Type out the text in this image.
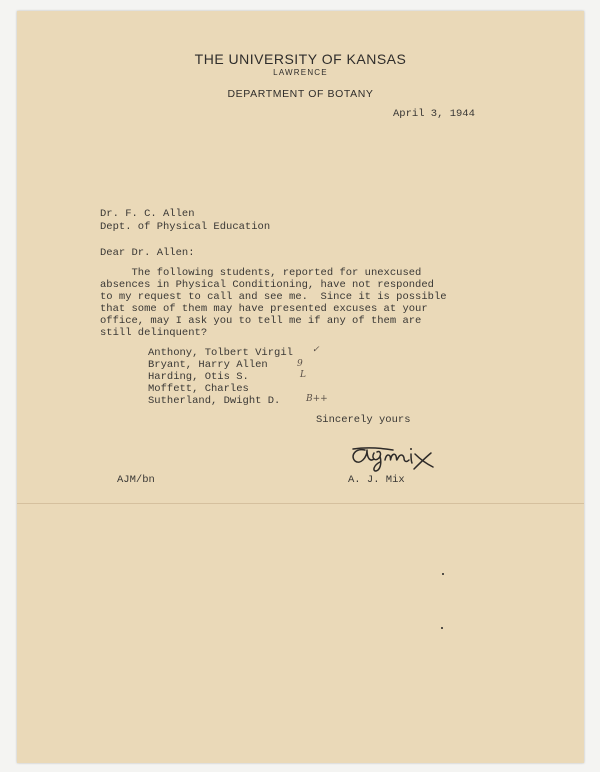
THE UNIVERSITY OF KANSAS
LAWRENCE
DEPARTMENT OF BOTANY
April 3, 1944
Dr. F. C. Allen
Dept. of Physical Education
Dear Dr. Allen:
The following students, reported for unexcused
absences in Physical Conditioning, have not responded
to my request to call and see me.  Since it is possible
that some of them may have presented excuses at your
office, may I ask you to tell me if any of them are
still delinquent?
Anthony, Tolbert Virgil ✓
Bryant, Harry Allen	9
Harding, Otis S.	L
Moffett, Charles
Sutherland, Dwight D.	B++
Sincerely yours
A. J. Mix
AJM/bn
